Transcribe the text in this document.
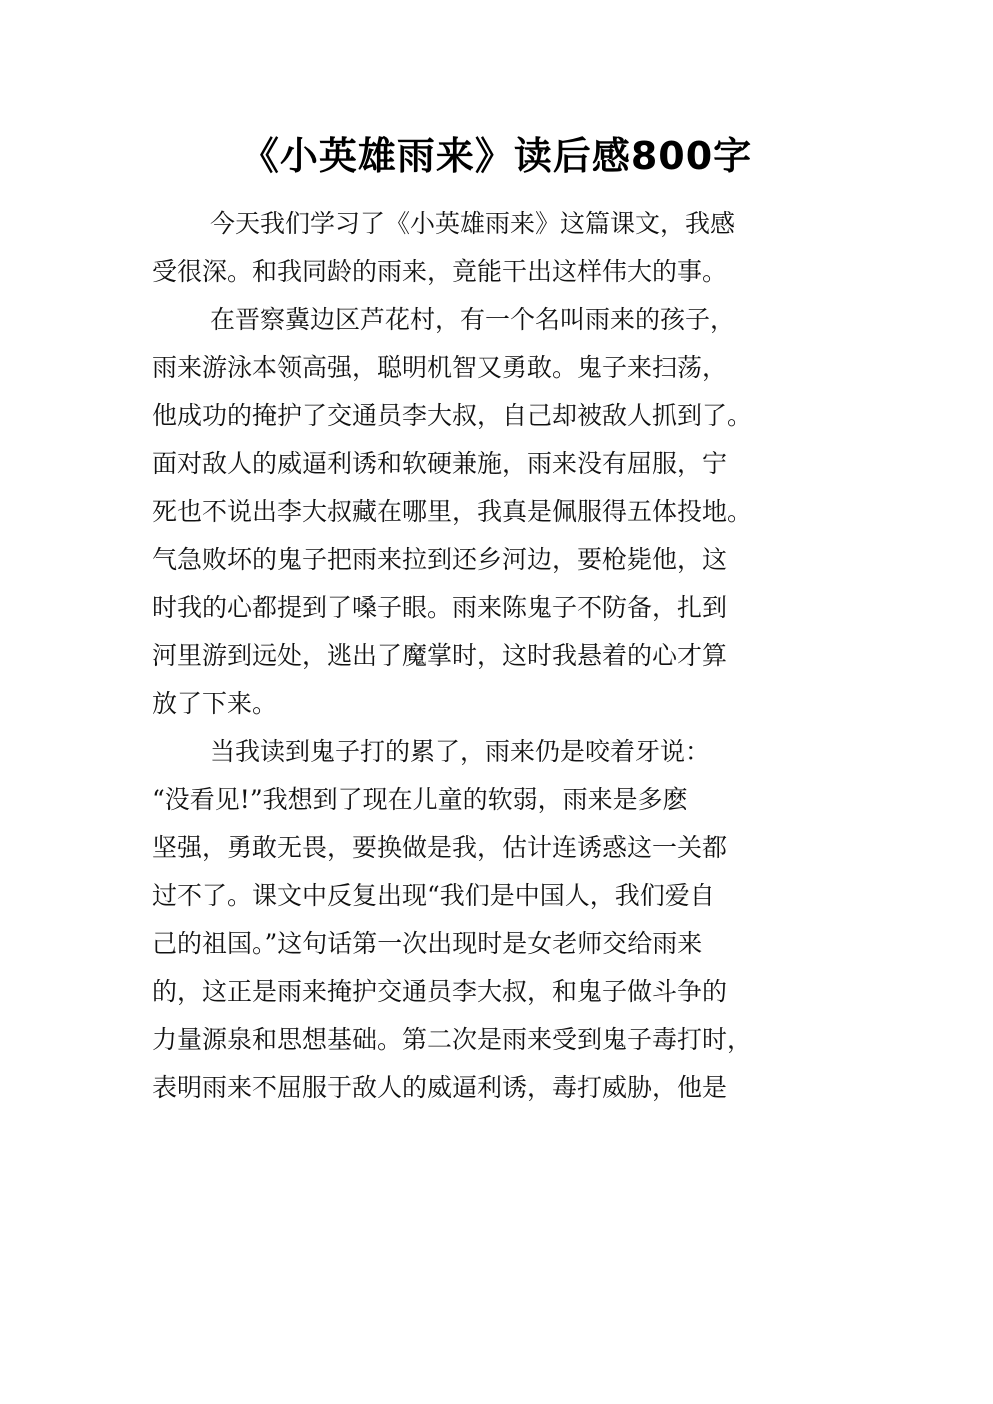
《小英雄雨来》读后感800字
今天我们学习了《小英雄雨来》这篇课文，我感
受很深。和我同龄的雨来，竟能干出这样伟大的事。
在晋察冀边区芦花村，有一个名叫雨来的孩子，
雨来游泳本领高强，聪明机智又勇敢。鬼子来扫荡，
他成功的掩护了交通员李大叔，自己却被敌人抓到了。
面对敌人的威逼利诱和软硬兼施，雨来没有屈服，宁
死也不说出李大叔藏在哪里，我真是佩服得五体投地。
气急败坏的鬼子把雨来拉到还乡河边，要枪毙他，这
时我的心都提到了嗓子眼。雨来陈鬼子不防备，扎到
河里游到远处，逃出了魔掌时，这时我悬着的心才算
放了下来。
当我读到鬼子打的累了，雨来仍是咬着牙说：
“没看见!”我想到了现在儿童的软弱，雨来是多麽
坚强，勇敢无畏，要换做是我，估计连诱惑这一关都
过不了。课文中反复出现“我们是中国人，我们爱自
己的祖国。”这句话第一次出现时是女老师交给雨来
的，这正是雨来掩护交通员李大叔，和鬼子做斗争的
力量源泉和思想基础。第二次是雨来受到鬼子毒打时，
表明雨来不屈服于敌人的威逼利诱，毒打威胁，他是
